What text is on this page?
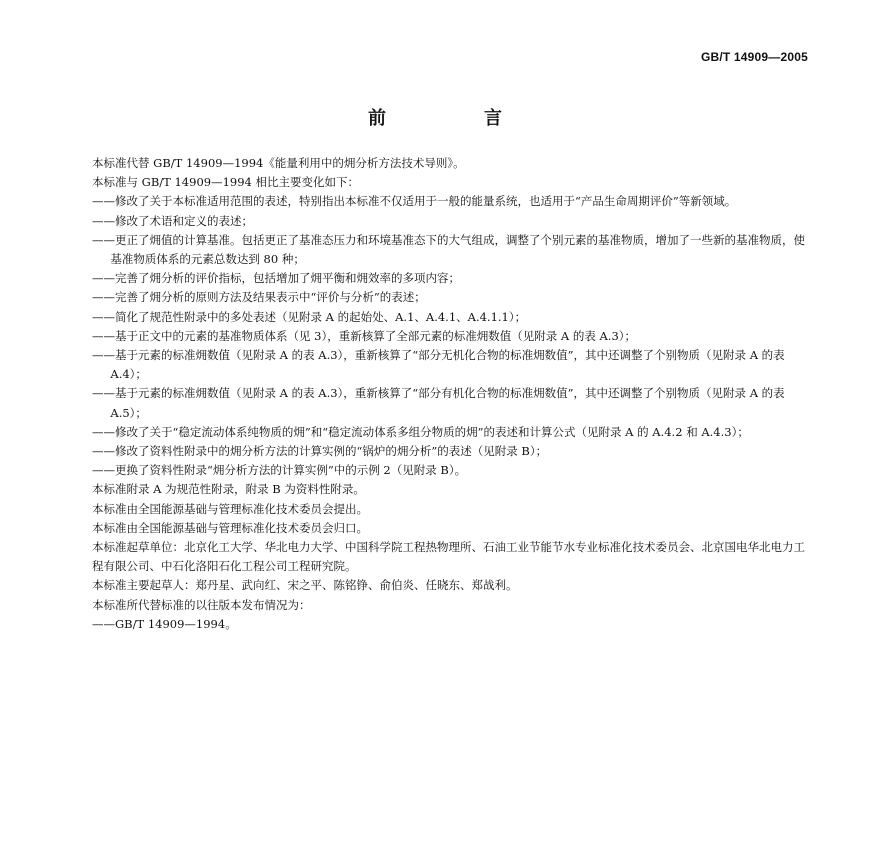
GB/T 14909—2005
前　言

本标准代替 GB/T 14909—1994《能量利用中的㶲分析方法技术导则》。

本标准与 GB/T 14909—1994 相比主要变化如下：

——修改了关于本标准适用范围的表述，特别指出本标准不仅适用于一般的能量系统，也适用于“产品生命周期评价”等新领域。

——修改了术语和定义的表述；

——更正了㶲值的计算基准。包括更正了基准态压力和环境基准态下的大气组成，调整了个别元素的基准物质，增加了一些新的基准物质，使基准物质体系的元素总数达到 80 种；

——完善了㶲分析的评价指标，包括增加了㶲平衡和㶲效率的多项内容；

——完善了㶲分析的原则方法及结果表示中“评价与分析”的表述；

——简化了规范性附录中的多处表述（见附录 A 的起始处、A.1、A.4.1、A.4.1.1）；

——基于正文中的元素的基准物质体系（见 3），重新核算了全部元素的标准㶲数值（见附录 A 的表 A.3）；

——基于元素的标准㶲数值（见附录 A 的表 A.3），重新核算了“部分无机化合物的标准㶲数值”，其中还调整了个别物质（见附录 A 的表 A.4）；

——基于元素的标准㶲数值（见附录 A 的表 A.3），重新核算了“部分有机化合物的标准㶲数值”，其中还调整了个别物质（见附录 A 的表 A.5）；

——修改了关于“稳定流动体系纯物质的㶲”和“稳定流动体系多组分物质的㶲”的表述和计算公式（见附录 A 的 A.4.2 和 A.4.3）；

——修改了资料性附录中的㶲分析方法的计算实例的“锅炉的㶲分析”的表述（见附录 B）；

——更换了资料性附录“㶲分析方法的计算实例”中的示例 2（见附录 B）。

本标准附录 A 为规范性附录，附录 B 为资料性附录。

本标准由全国能源基础与管理标准化技术委员会提出。

本标准由全国能源基础与管理标准化技术委员会归口。

本标准起草单位：北京化工大学、华北电力大学、中国科学院工程热物理所、石油工业节能节水专业标准化技术委员会、北京国电华北电力工程有限公司、中石化洛阳石化工程公司工程研究院。

本标准主要起草人：郑丹星、武向红、宋之平、陈铭铮、俞伯炎、任晓东、郑战利。

本标准所代替标准的以往版本发布情况为：

——GB/T 14909—1994。
